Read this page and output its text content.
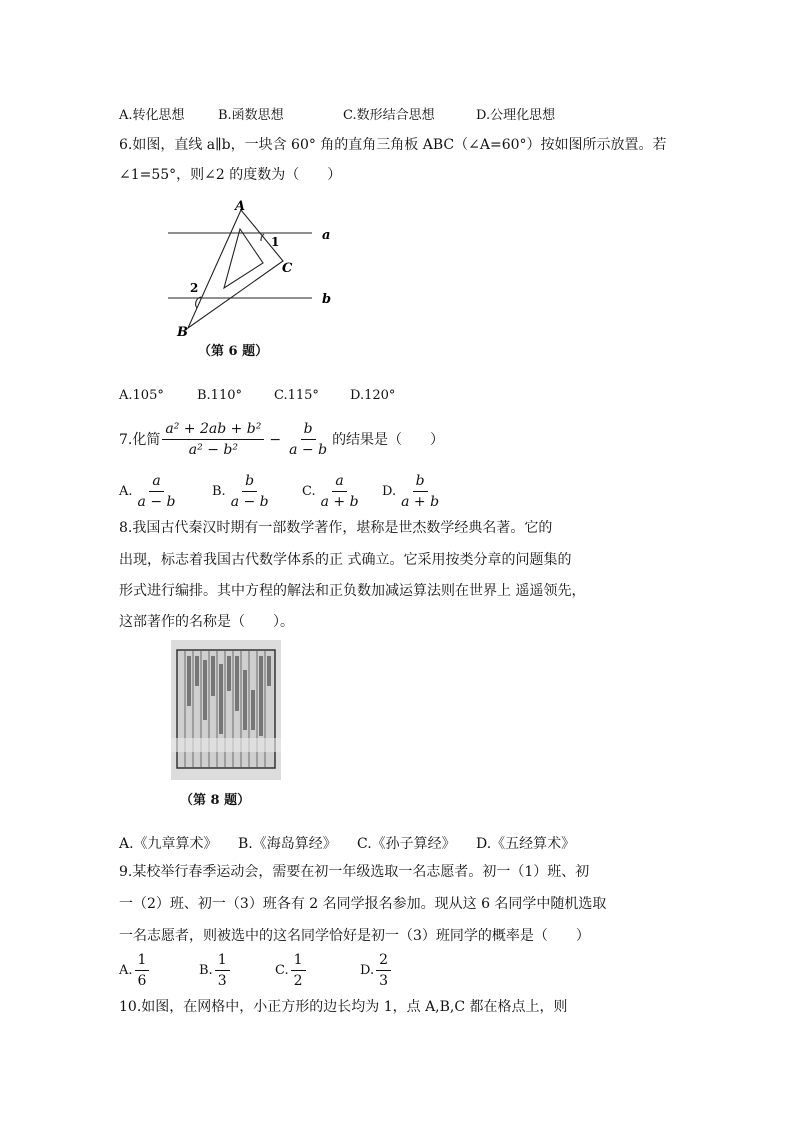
A.转化思想	B.函数思想	C.数形结合思想	D.公理化思想
6.如图，直线 a∥b，一块含 60° 角的直角三角板 ABC（∠A=60°）按如图所示放置。若
∠1=55°，则∠2 的度数为（　　）
A
1	a
C
2
b
B
（第 6 题）
A.105°	B.110° C.115° D.120°
7.化简 $\frac{\text{a² + 2ab + b²}}{\text{a² − b²}} - \frac{b}{a - b}$ 的结果是（　　）
A. $\frac{a}{a - b}$	B. $\frac{b}{a - b} C$. $\frac{a}{a + b} D$. $\frac{b}{a + b}$
8.我国古代秦汉时期有一部数学著作，堪称是世杰数学经典名著。它的
出现，标志着我国古代数学体系的正 式确立。它采用按类分章的问题集的
形式进行编排。其中方程的解法和正负数加减运算法则在世界上 遥遥领先，
这部著作的名称是（　　）。
（第 8 题）
A.《九章算术》 B.《海岛算经》 C.《孙子算经》 D.《五经算术》
9.某校举行春季运动会，需要在初一年级选取一名志愿者。初一（1）班、初
一（2）班、初一（3）班各有 2 名同学报名参加。现从这 6 名同学中随机选取
一名志愿者，则被选中的这名同学恰好是初一（3）班同学的概率是（　　）
A. $\frac{1}{6}$	B. $\frac{1}{3}$	C. $\frac{1}{2}$	D. $\frac{2}{3}$
10.如图，在网格中，小正方形的边长均为 1，点 A,B,C 都在格点上，则
